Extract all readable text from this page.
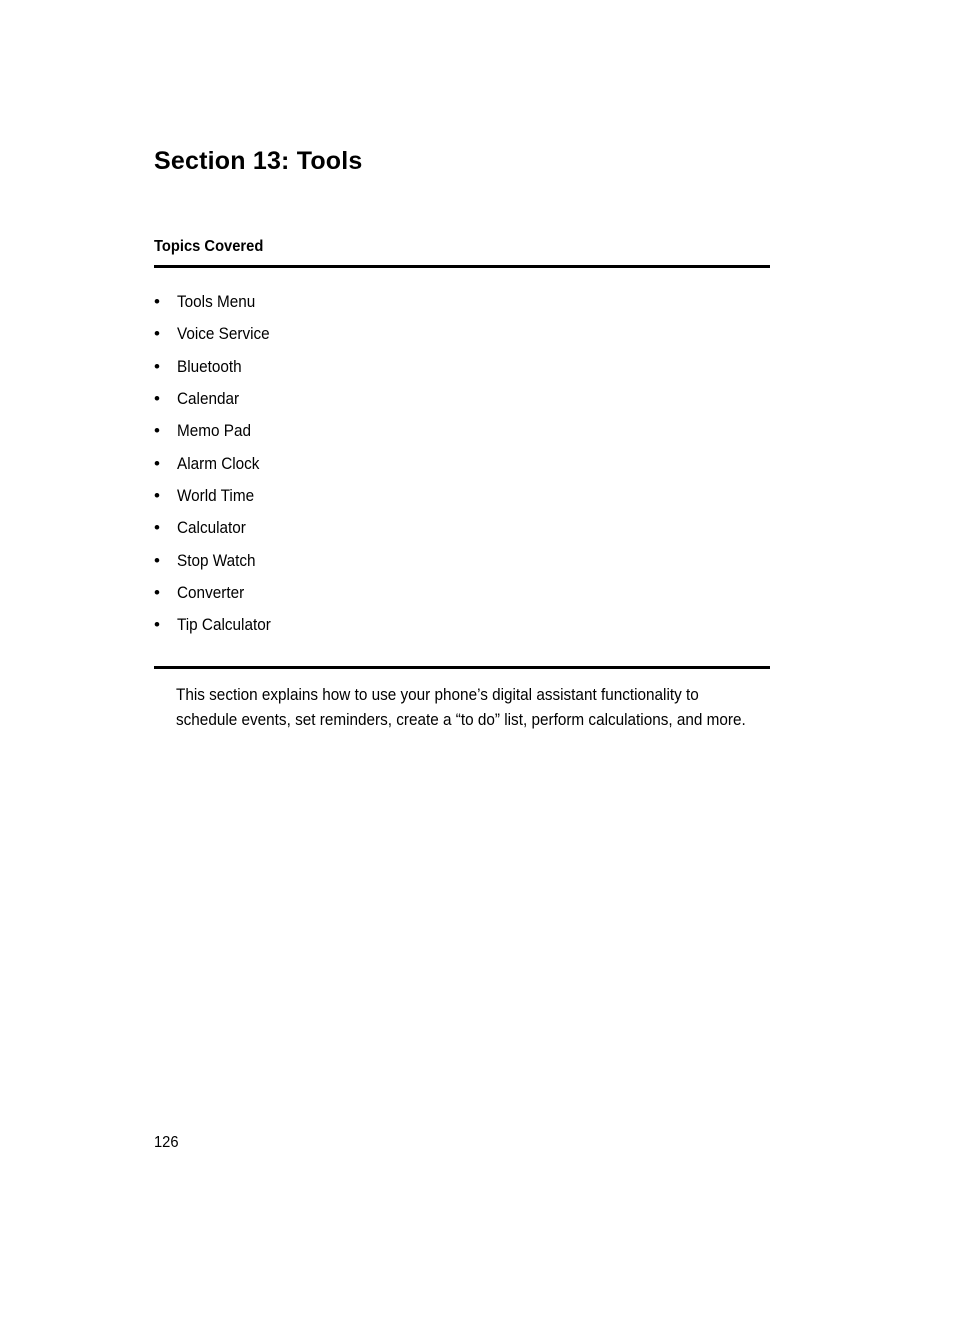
Section 13: Tools
Topics Covered
•	Tools Menu
•	Voice Service
•	Bluetooth
•	Calendar
•	Memo Pad
•	Alarm Clock
•	World Time
•	Calculator
•	Stop Watch
•	Converter
•	Tip Calculator

This section explains how to use your phone’s digital assistant functionality to schedule events, set reminders, create a “to do” list, perform calculations, and more.

126
